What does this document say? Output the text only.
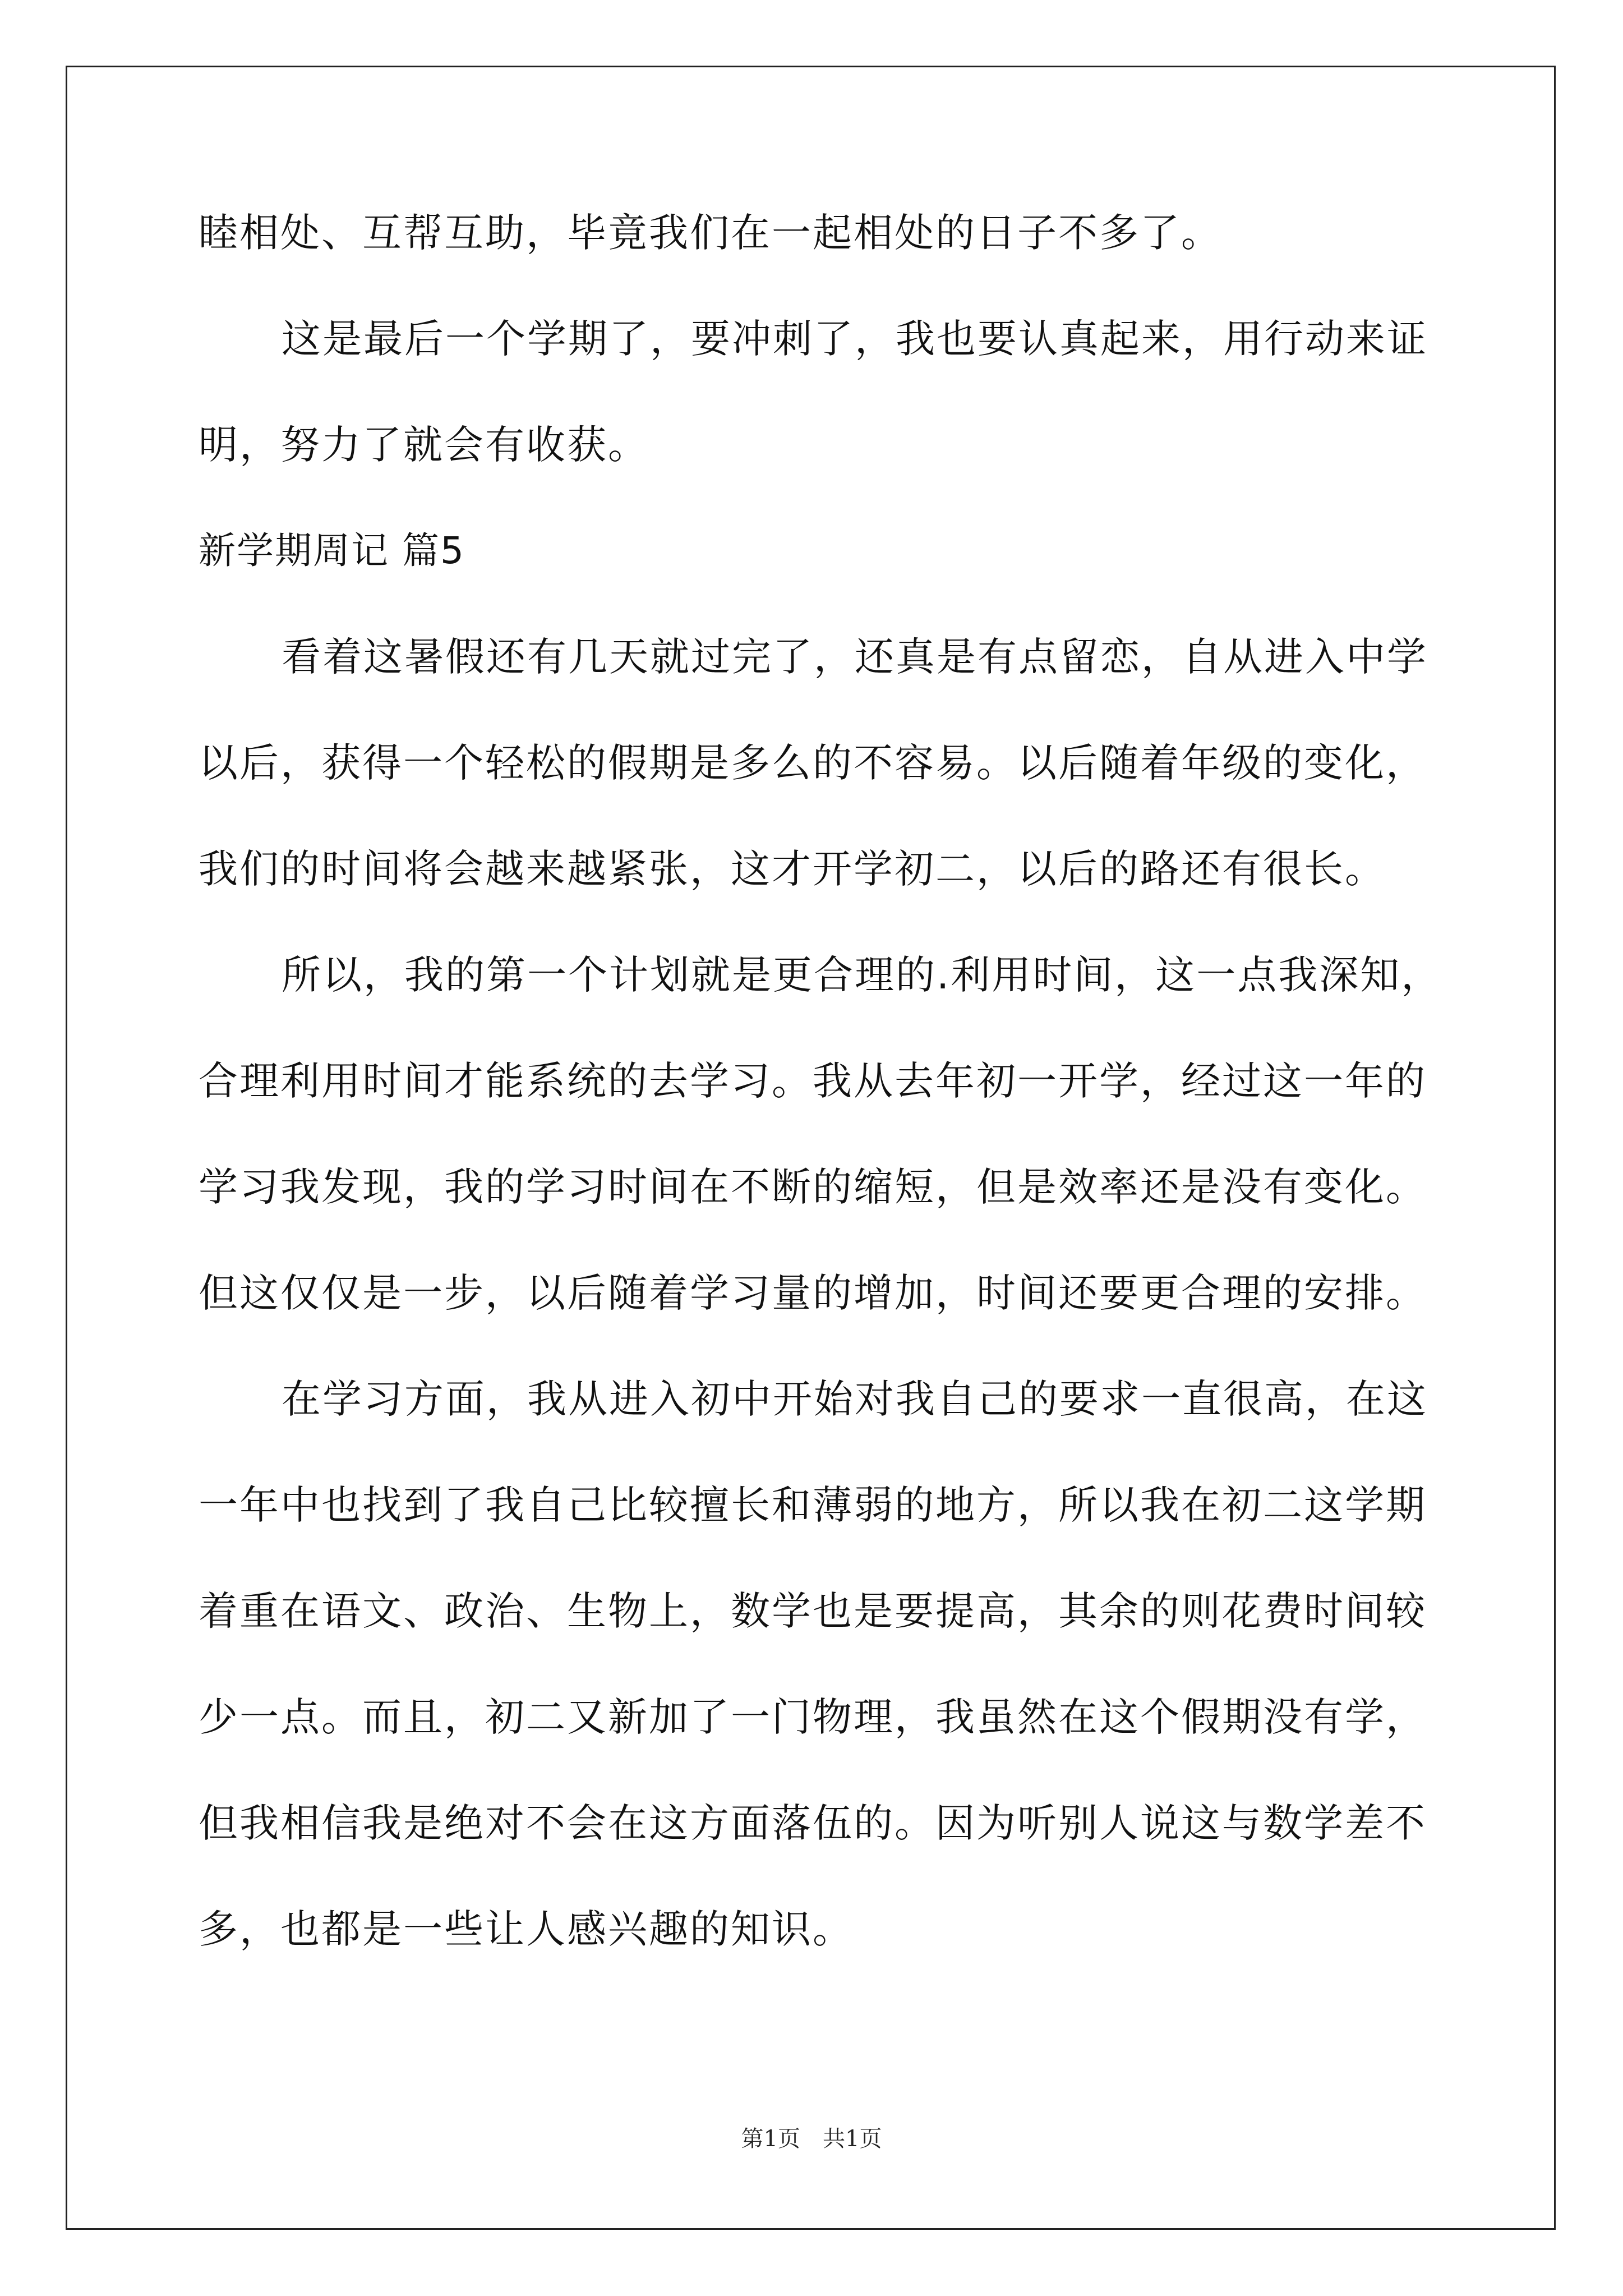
睦相处、互帮互助，毕竟我们在一起相处的日子不多了。

这是最后一个学期了，要冲刺了，我也要认真起来，用行动来证

明，努力了就会有收获。

新学期周记 篇5

看着这暑假还有几天就过完了，还真是有点留恋，自从进入中学

以后，获得一个轻松的假期是多么的不容易。以后随着年级的变化，

我们的时间将会越来越紧张，这才开学初二，以后的路还有很长。

所以，我的第一个计划就是更合理的.利用时间，这一点我深知，

合理利用时间才能系统的去学习。我从去年初一开学，经过这一年的

学习我发现，我的学习时间在不断的缩短，但是效率还是没有变化。

但这仅仅是一步，以后随着学习量的增加，时间还要更合理的安排。

在学习方面，我从进入初中开始对我自己的要求一直很高，在这

一年中也找到了我自己比较擅长和薄弱的地方，所以我在初二这学期

着重在语文、政治、生物上，数学也是要提高，其余的则花费时间较

少一点。而且，初二又新加了一门物理，我虽然在这个假期没有学，

但我相信我是绝对不会在这方面落伍的。因为听别人说这与数学差不

多，也都是一些让人感兴趣的知识。

第1页　共1页
